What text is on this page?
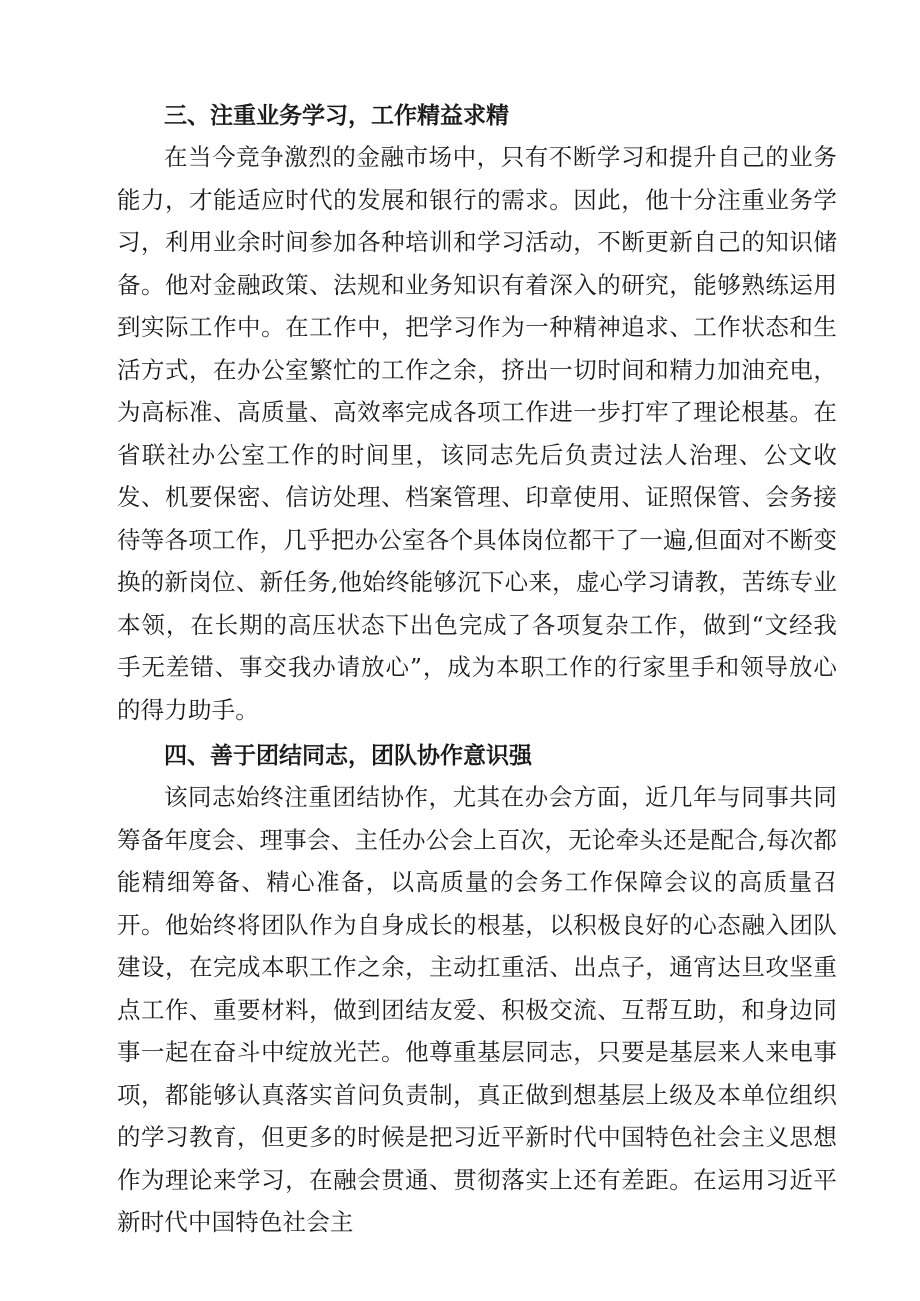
三、注重业务学习，工作精益求精

在当今竞争激烈的金融市场中，只有不断学习和提升自己的业务能力，才能适应时代的发展和银行的需求。因此，他十分注重业务学习，利用业余时间参加各种培训和学习活动，不断更新自己的知识储备。他对金融政策、法规和业务知识有着深入的研究，能够熟练运用到实际工作中。在工作中，把学习作为一种精神追求、工作状态和生活方式，在办公室繁忙的工作之余，挤出一切时间和精力加油充电，为高标准、高质量、高效率完成各项工作进一步打牢了理论根基。在省联社办公室工作的时间里，该同志先后负责过法人治理、公文收发、机要保密、信访处理、档案管理、印章使用、证照保管、会务接待等各项工作，几乎把办公室各个具体岗位都干了一遍,但面对不断变换的新岗位、新任务,他始终能够沉下心来，虚心学习请教，苦练专业本领，在长期的高压状态下出色完成了各项复杂工作，做到“文经我手无差错、事交我办请放心”，成为本职工作的行家里手和领导放心的得力助手。

四、善于团结同志，团队协作意识强

该同志始终注重团结协作，尤其在办会方面，近几年与同事共同筹备年度会、理事会、主任办公会上百次，无论牵头还是配合,每次都能精细筹备、精心准备，以高质量的会务工作保障会议的高质量召开。他始终将团队作为自身成长的根基，以积极良好的心态融入团队建设，在完成本职工作之余，主动扛重活、出点子，通宵达旦攻坚重点工作、重要材料，做到团结友爱、积极交流、互帮互助，和身边同事一起在奋斗中绽放光芒。他尊重基层同志，只要是基层来人来电事项，都能够认真落实首问负责制，真正做到想基层上级及本单位组织的学习教育，但更多的时候是把习近平新时代中国特色社会主义思想作为理论来学习，在融会贯通、贯彻落实上还有差距。在运用习近平新时代中国特色社会主
